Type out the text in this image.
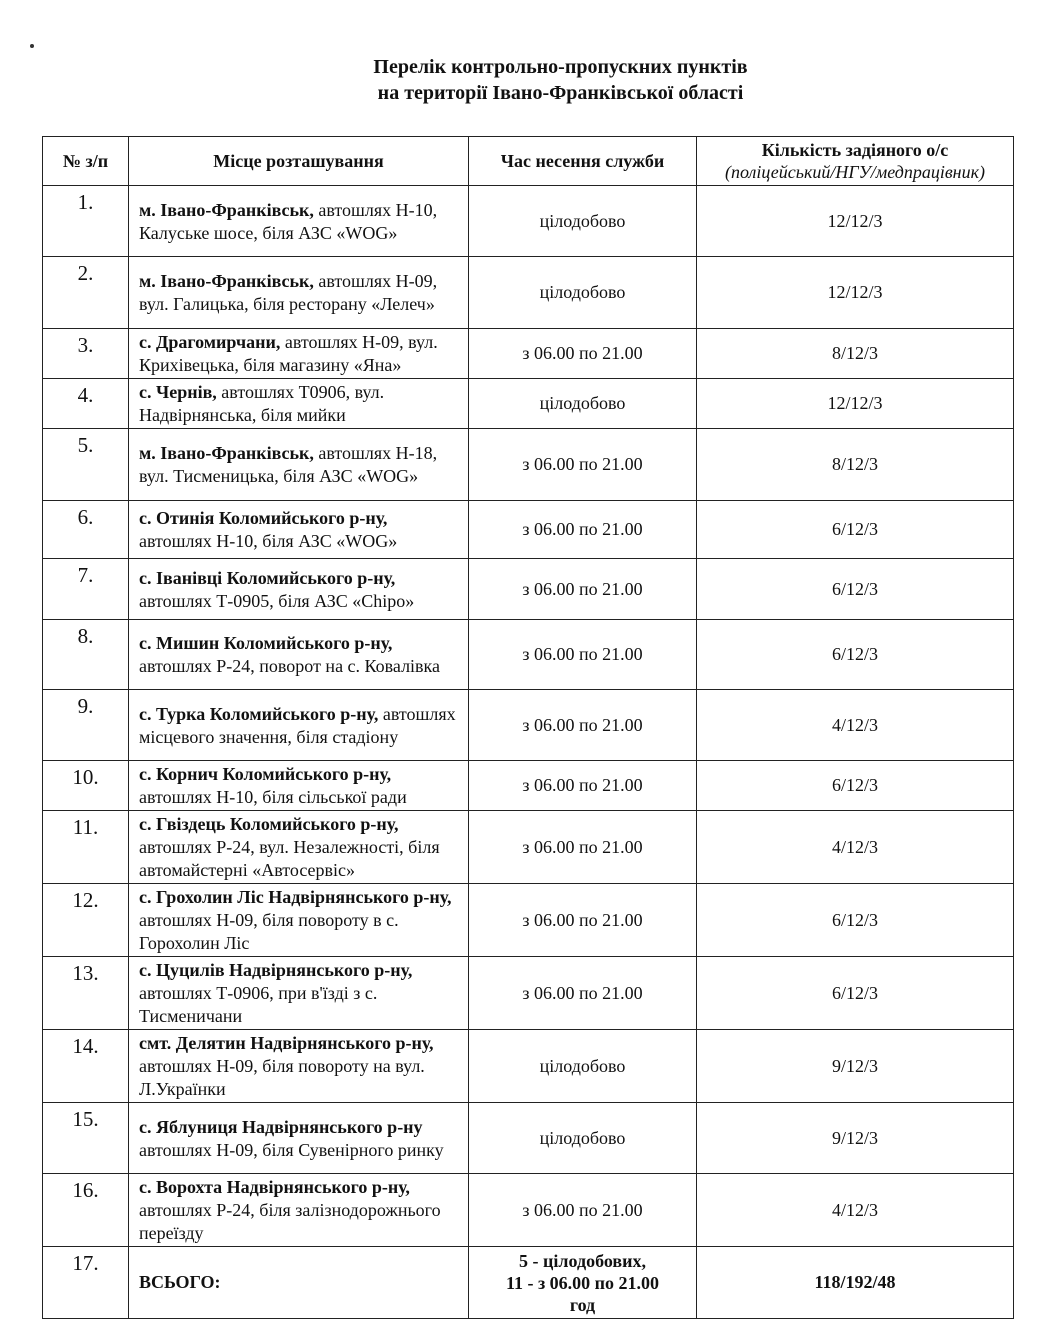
Перелік контрольно-пропускних пунктів
на території Івано-Франківської області
№ з/п	Місце розташування	Час несення служби	Кількість задіяного о/с
(поліцейський/НГУ/медпрацівник)

1.	м. Івано-Франківськ, автошлях Н-10, Калуське шосе, біля АЗС «WOG»	цілодобово	12/12/3
2.	м. Івано-Франківськ, автошлях Н-09, вул. Галицька, біля ресторану «Лелеч»	цілодобово	12/12/3
3.	с. Драгомирчани, автошлях Н-09, вул. Крихівецька, біля магазину «Яна»	з 06.00 по 21.00	8/12/3
4.	с. Чернів, автошлях Т0906, вул. Надвірнянська, біля мийки	цілодобово	12/12/3
5.	м. Івано-Франківськ, автошлях Н-18, вул. Тисменицька, біля АЗС «WOG»	з 06.00 по 21.00	8/12/3
6.	с. Отинія Коломийського р-ну, автошлях Н-10, біля АЗС «WOG»	з 06.00 по 21.00	6/12/3
7.	с. Іванівці Коломийського р-ну, автошлях Т-0905, біля АЗС «Chipo»	з 06.00 по 21.00	6/12/3
8.	с. Мишин Коломийського р-ну, автошлях Р-24, поворот на с. Ковалівка	з 06.00 по 21.00	6/12/3
9.	с. Турка Коломийського р-ну, автошлях місцевого значення, біля стадіону	з 06.00 по 21.00	4/12/3
10.	с. Корнич Коломийського р-ну, автошлях Н-10, біля сільської ради	з 06.00 по 21.00	6/12/3
11.	с. Гвіздець Коломийського р-ну, автошлях Р-24, вул. Незалежності, біля автомайстерні «Автосервіс»	з 06.00 по 21.00	4/12/3
12.	с. Грохолин Ліс Надвірнянського р-ну, автошлях Н-09, біля повороту в с. Горохолин Ліс	з 06.00 по 21.00	6/12/3
13.	с. Цуцилів Надвірнянського р-ну, автошлях Т-0906, при в'їзді з с. Тисменичани	з 06.00 по 21.00	6/12/3
14.	смт. Делятин Надвірнянського р-ну, автошлях Н-09, біля повороту на вул. Л.Українки	цілодобово	9/12/3
15.	с. Яблуниця Надвірнянського р-ну автошлях Н-09, біля Сувенірного ринку	цілодобово	9/12/3
16.	с. Ворохта Надвірнянського р-ну, автошлях Р-24, біля залізнодорожнього переїзду	з 06.00 по 21.00	4/12/3
17.	ВСЬОГО:	5 - цілодобових,
11 - з 06.00 по 21.00
год	118/192/48
